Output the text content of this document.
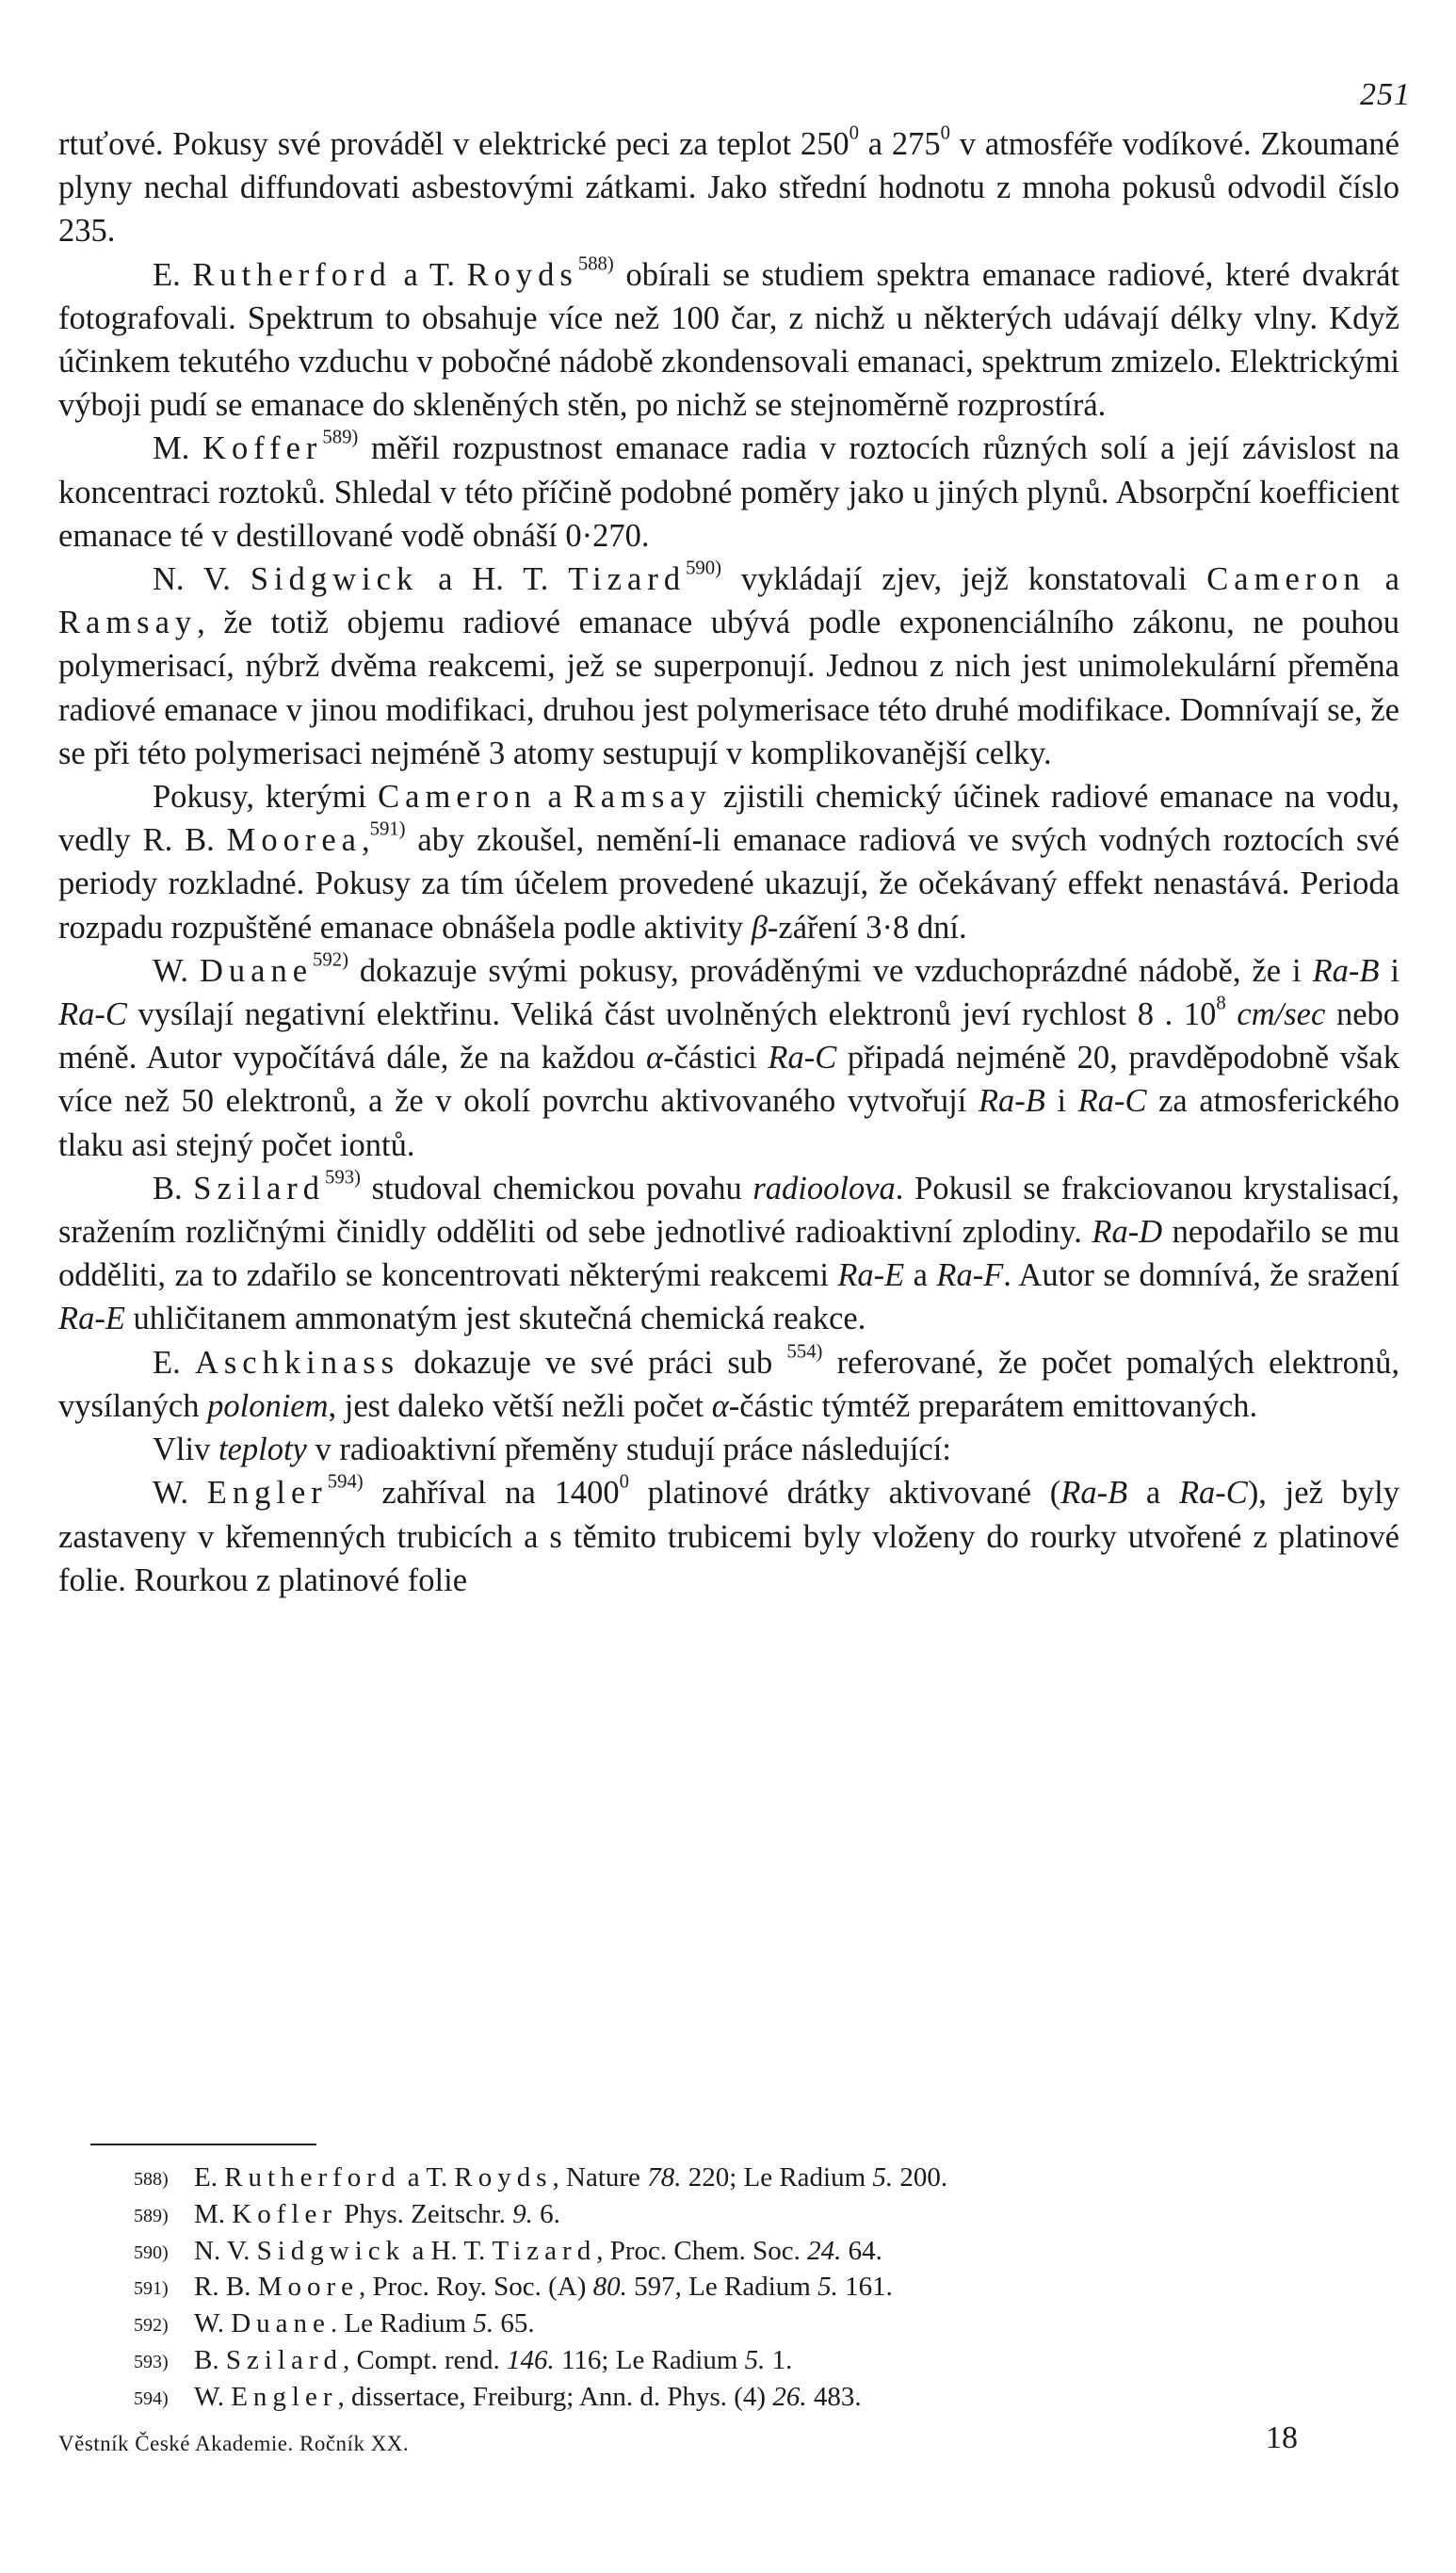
251

rtuťové. Pokusy své prováděl v elektrické peci za teplot $250^0$ a $275^0$ v atmosféře vodíkové. Zkoumané plyny nechal diffundovati asbestovými zátkami. Jako střední hodnotu z mnoha pokusů odvodil číslo 235.

E. Rutherford a T. Royds$^{588)}$ obírali se studiem spektra emanace radiové, které dvakrát fotografovali. Spektrum to obsahuje více než 100 čar, z nichž u některých udávají délky vlny. Když účinkem tekutého vzduchu v pobočné nádobě zkondensovali emanaci, spektrum zmizelo. Elektrickými výboji pudí se emanace do skleněných stěn, po nichž se stejnoměrně rozprostírá.

M. Koffer$^{589)}$ měřil rozpustnost emanace radia v roztocích různých solí a její závislost na koncentraci roztoků. Shledal v této příčině podobné poměry jako u jiných plynů. Absorpční koefficient emanace té v destillované vodě obnáší 0·270.

N. V. Sidgwick a H. T. Tizard$^{590)}$ vykládají zjev, jejž konstatovali Cameron a Ramsay, že totiž objemu radiové emanace ubývá podle exponenciálního zákonu, ne pouhou polymerisací, nýbrž dvěma reakcemi, jež se superponují. Jednou z nich jest unimolekulární přeměna radiové emanace v jinou modifikaci, druhou jest polymerisace této druhé modifikace. Domnívají se, že se při této polymerisaci nejméně 3 atomy sestupují v komplikovanější celky.

Pokusy, kterými Cameron a Ramsay zjistili chemický účinek radiové emanace na vodu, vedly R. B. Moorea,$^{591)}$ aby zkoušel, nemění-li emanace radiová ve svých vodných roztocích své periody rozkladné. Pokusy za tím účelem provedené ukazují, že očekávaný effekt nenastává. Perioda rozpadu rozpuštěné emanace obnášela podle aktivity β-záření 3·8 dní.

W. Duane$^{592)}$ dokazuje svými pokusy, prováděnými ve vzduchoprázdné nádobě, že i Ra-B i Ra-C vysílají negativní elektřinu. Veliká část uvolněných elektronů jeví rychlost 8 . $10^8$ cm/sec nebo méně. Autor vypočítává dále, že na každou α-částici Ra-C připadá nejméně 20, pravděpodobně však více než 50 elektronů, a že v okolí povrchu aktivovaného vytvořují Ra-B i Ra-C za atmosferického tlaku asi stejný počet iontů.

B. Szilard$^{593)}$ studoval chemickou povahu radioolova. Pokusil se frakciovanou krystalisací, sražením rozličnými činidly odděliti od sebe jednotlivé radioaktivní zplodiny. Ra-D nepodařilo se mu odděliti, za to zdařilo se koncentrovati některými reakcemi Ra-E a Ra-F. Autor se domnívá, že sražení Ra-E uhličitanem ammonatým jest skutečná chemická reakce.

E. Aschkinass dokazuje ve své práci sub $^{554)}$ referované, že počet pomalých elektronů, vysílaných poloniem, jest daleko větší nežli počet α-částic týmtéž preparátem emittovaných.

Vliv teploty v radioaktivní přeměny studují práce následující:

W. Engler$^{594)}$ zahříval na 1400$^0$ platinové drátky aktivované (Ra-B a Ra-C), jež byly zastaveny v křemenných trubicích a s těmito trubicemi byly vloženy do rourky utvořené z platinové folie. Rourkou z platinové folie

588) E. Rutherford a T. Royds, Nature 78. 220; Le Radium 5. 200.
589) M. Kofler Phys. Zeitschr. 9. 6.
590) N. V. Sidgwick a H. T. Tizard, Proc. Chem. Soc. 24. 64.
591) R. B. Moore, Proc. Roy. Soc. (A) 80. 597, Le Radium 5. 161.
592) W. Duane. Le Radium 5. 65.
593) B. Szilard, Compt. rend. 146. 116; Le Radium 5. 1.
594) W. Engler, dissertace, Freiburg; Ann. d. Phys. (4) 26. 483.
Věstník České Akademie. Ročník XX.	18
